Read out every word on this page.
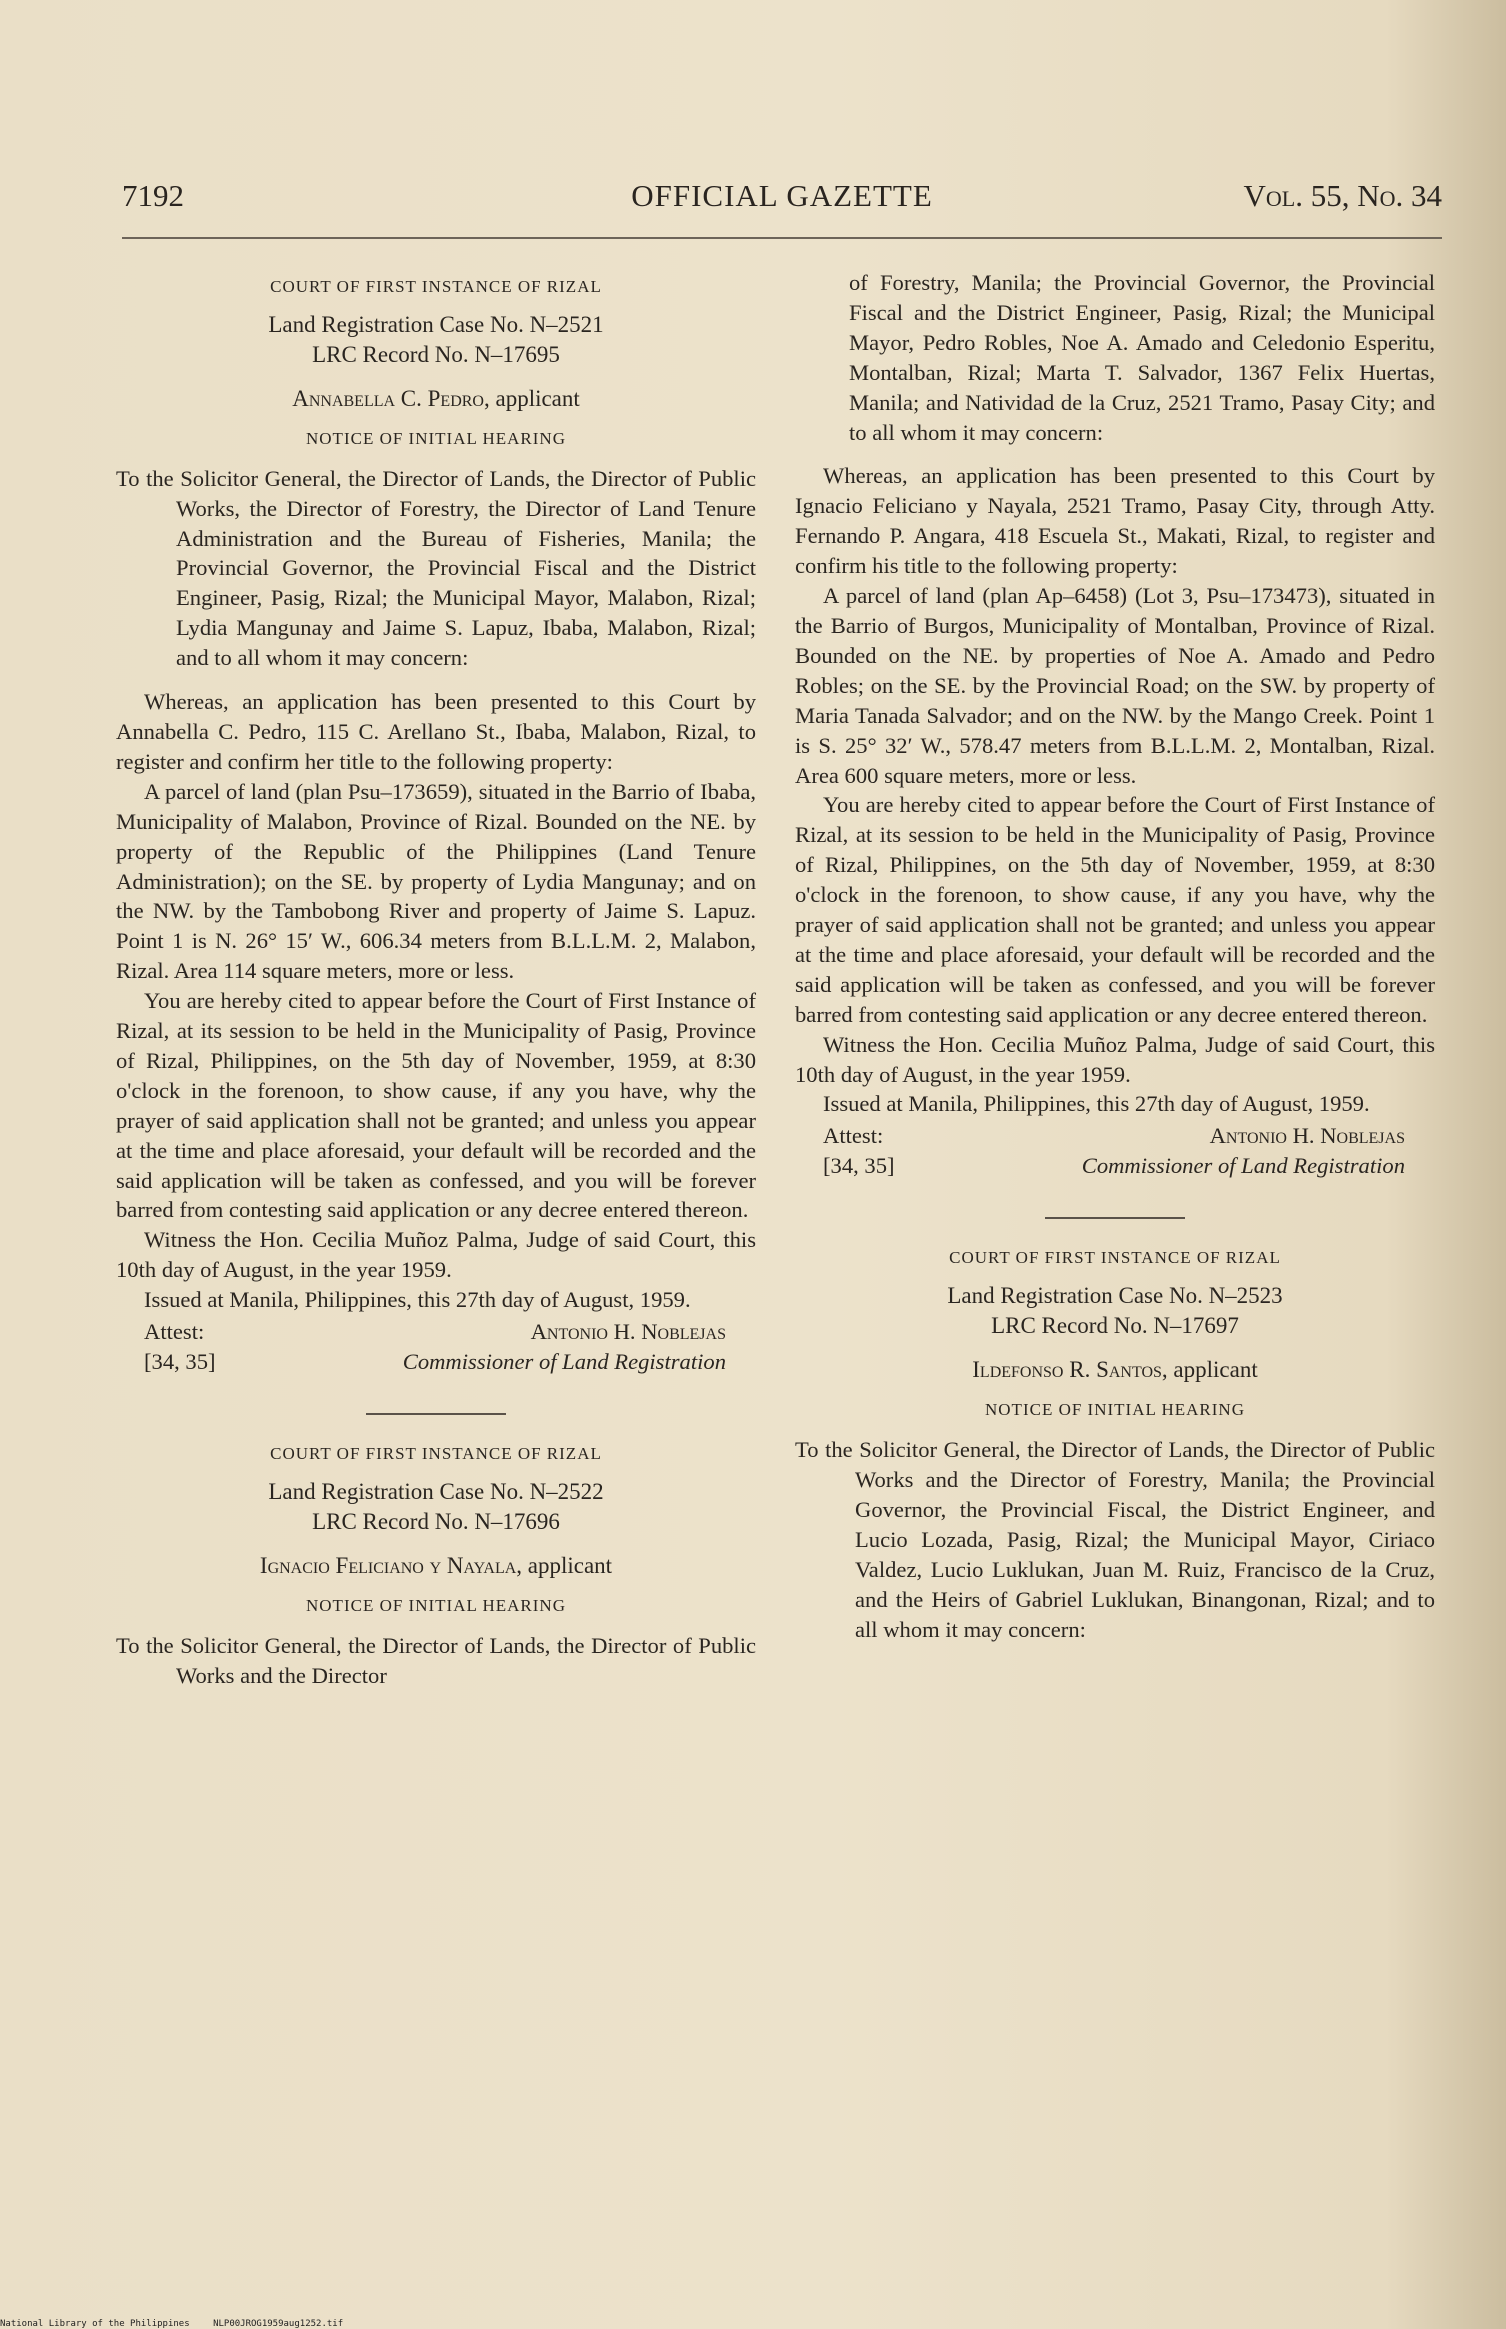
7192	OFFICIAL GAZETTE	Vol. 55, No. 34
COURT OF FIRST INSTANCE OF RIZAL
Land Registration Case No. N–2521
LRC Record No. N–17695
Annabella C. Pedro, applicant
NOTICE OF INITIAL HEARING

To the Solicitor General, the Director of Lands, the Director of Public Works, the Director of Forestry, the Director of Land Tenure Administration and the Bureau of Fisheries, Manila; the Provincial Governor, the Provincial Fiscal and the District Engineer, Pasig, Rizal; the Municipal Mayor, Malabon, Rizal; Lydia Mangunay and Jaime S. Lapuz, Ibaba, Malabon, Rizal; and to all whom it may concern:

Whereas, an application has been presented to this Court by Annabella C. Pedro, 115 C. Arellano St., Ibaba, Malabon, Rizal, to register and confirm her title to the following property:

A parcel of land (plan Psu–173659), situated in the Barrio of Ibaba, Municipality of Malabon, Province of Rizal. Bounded on the NE. by property of the Republic of the Philippines (Land Tenure Administration); on the SE. by property of Lydia Mangunay; and on the NW. by the Tambobong River and property of Jaime S. Lapuz. Point 1 is N. 26° 15′ W., 606.34 meters from B.L.L.M. 2, Malabon, Rizal. Area 114 square meters, more or less.

You are hereby cited to appear before the Court of First Instance of Rizal, at its session to be held in the Municipality of Pasig, Province of Rizal, Philippines, on the 5th day of November, 1959, at 8:30 o'clock in the forenoon, to show cause, if any you have, why the prayer of said application shall not be granted; and unless you appear at the time and place aforesaid, your default will be recorded and the said application will be taken as confessed, and you will be forever barred from contesting said application or any decree entered thereon.

Witness the Hon. Cecilia Muñoz Palma, Judge of said Court, this 10th day of August, in the year 1959.

Issued at Manila, Philippines, this 27th day of August, 1959.

Attest:	Antonio H. Noblejas
[34, 35]	Commissioner of Land Registration
COURT OF FIRST INSTANCE OF RIZAL
Land Registration Case No. N–2522
LRC Record No. N–17696
Ignacio Feliciano y Nayala, applicant
NOTICE OF INITIAL HEARING

To the Solicitor General, the Director of Lands, the Director of Public Works and the Director

of Forestry, Manila; the Provincial Governor, the Provincial Fiscal and the District Engineer, Pasig, Rizal; the Municipal Mayor, Pedro Robles, Noe A. Amado and Celedonio Esperitu, Montalban, Rizal; Marta T. Salvador, 1367 Felix Huertas, Manila; and Natividad de la Cruz, 2521 Tramo, Pasay City; and to all whom it may concern:

Whereas, an application has been presented to this Court by Ignacio Feliciano y Nayala, 2521 Tramo, Pasay City, through Atty. Fernando P. Angara, 418 Escuela St., Makati, Rizal, to register and confirm his title to the following property:

A parcel of land (plan Ap–6458) (Lot 3, Psu–173473), situated in the Barrio of Burgos, Municipality of Montalban, Province of Rizal. Bounded on the NE. by properties of Noe A. Amado and Pedro Robles; on the SE. by the Provincial Road; on the SW. by property of Maria Tanada Salvador; and on the NW. by the Mango Creek. Point 1 is S. 25° 32′ W., 578.47 meters from B.L.L.M. 2, Montalban, Rizal. Area 600 square meters, more or less.

You are hereby cited to appear before the Court of First Instance of Rizal, at its session to be held in the Municipality of Pasig, Province of Rizal, Philippines, on the 5th day of November, 1959, at 8:30 o'clock in the forenoon, to show cause, if any you have, why the prayer of said application shall not be granted; and unless you appear at the time and place aforesaid, your default will be recorded and the said application will be taken as confessed, and you will be forever barred from contesting said application or any decree entered thereon.

Witness the Hon. Cecilia Muñoz Palma, Judge of said Court, this 10th day of August, in the year 1959.

Issued at Manila, Philippines, this 27th day of August, 1959.

Attest:	Antonio H. Noblejas
[34, 35]	Commissioner of Land Registration
COURT OF FIRST INSTANCE OF RIZAL
Land Registration Case No. N–2523
LRC Record No. N–17697
Ildefonso R. Santos, applicant
NOTICE OF INITIAL HEARING

To the Solicitor General, the Director of Lands, the Director of Public Works and the Director of Forestry, Manila; the Provincial Governor, the Provincial Fiscal, the District Engineer, and Lucio Lozada, Pasig, Rizal; the Municipal Mayor, Ciriaco Valdez, Lucio Luklukan, Juan M. Ruiz, Francisco de la Cruz, and the Heirs of Gabriel Luklukan, Binangonan, Rizal; and to all whom it may concern:

National Library of the Philippines	NLP00JROG1959aug1252.tif
